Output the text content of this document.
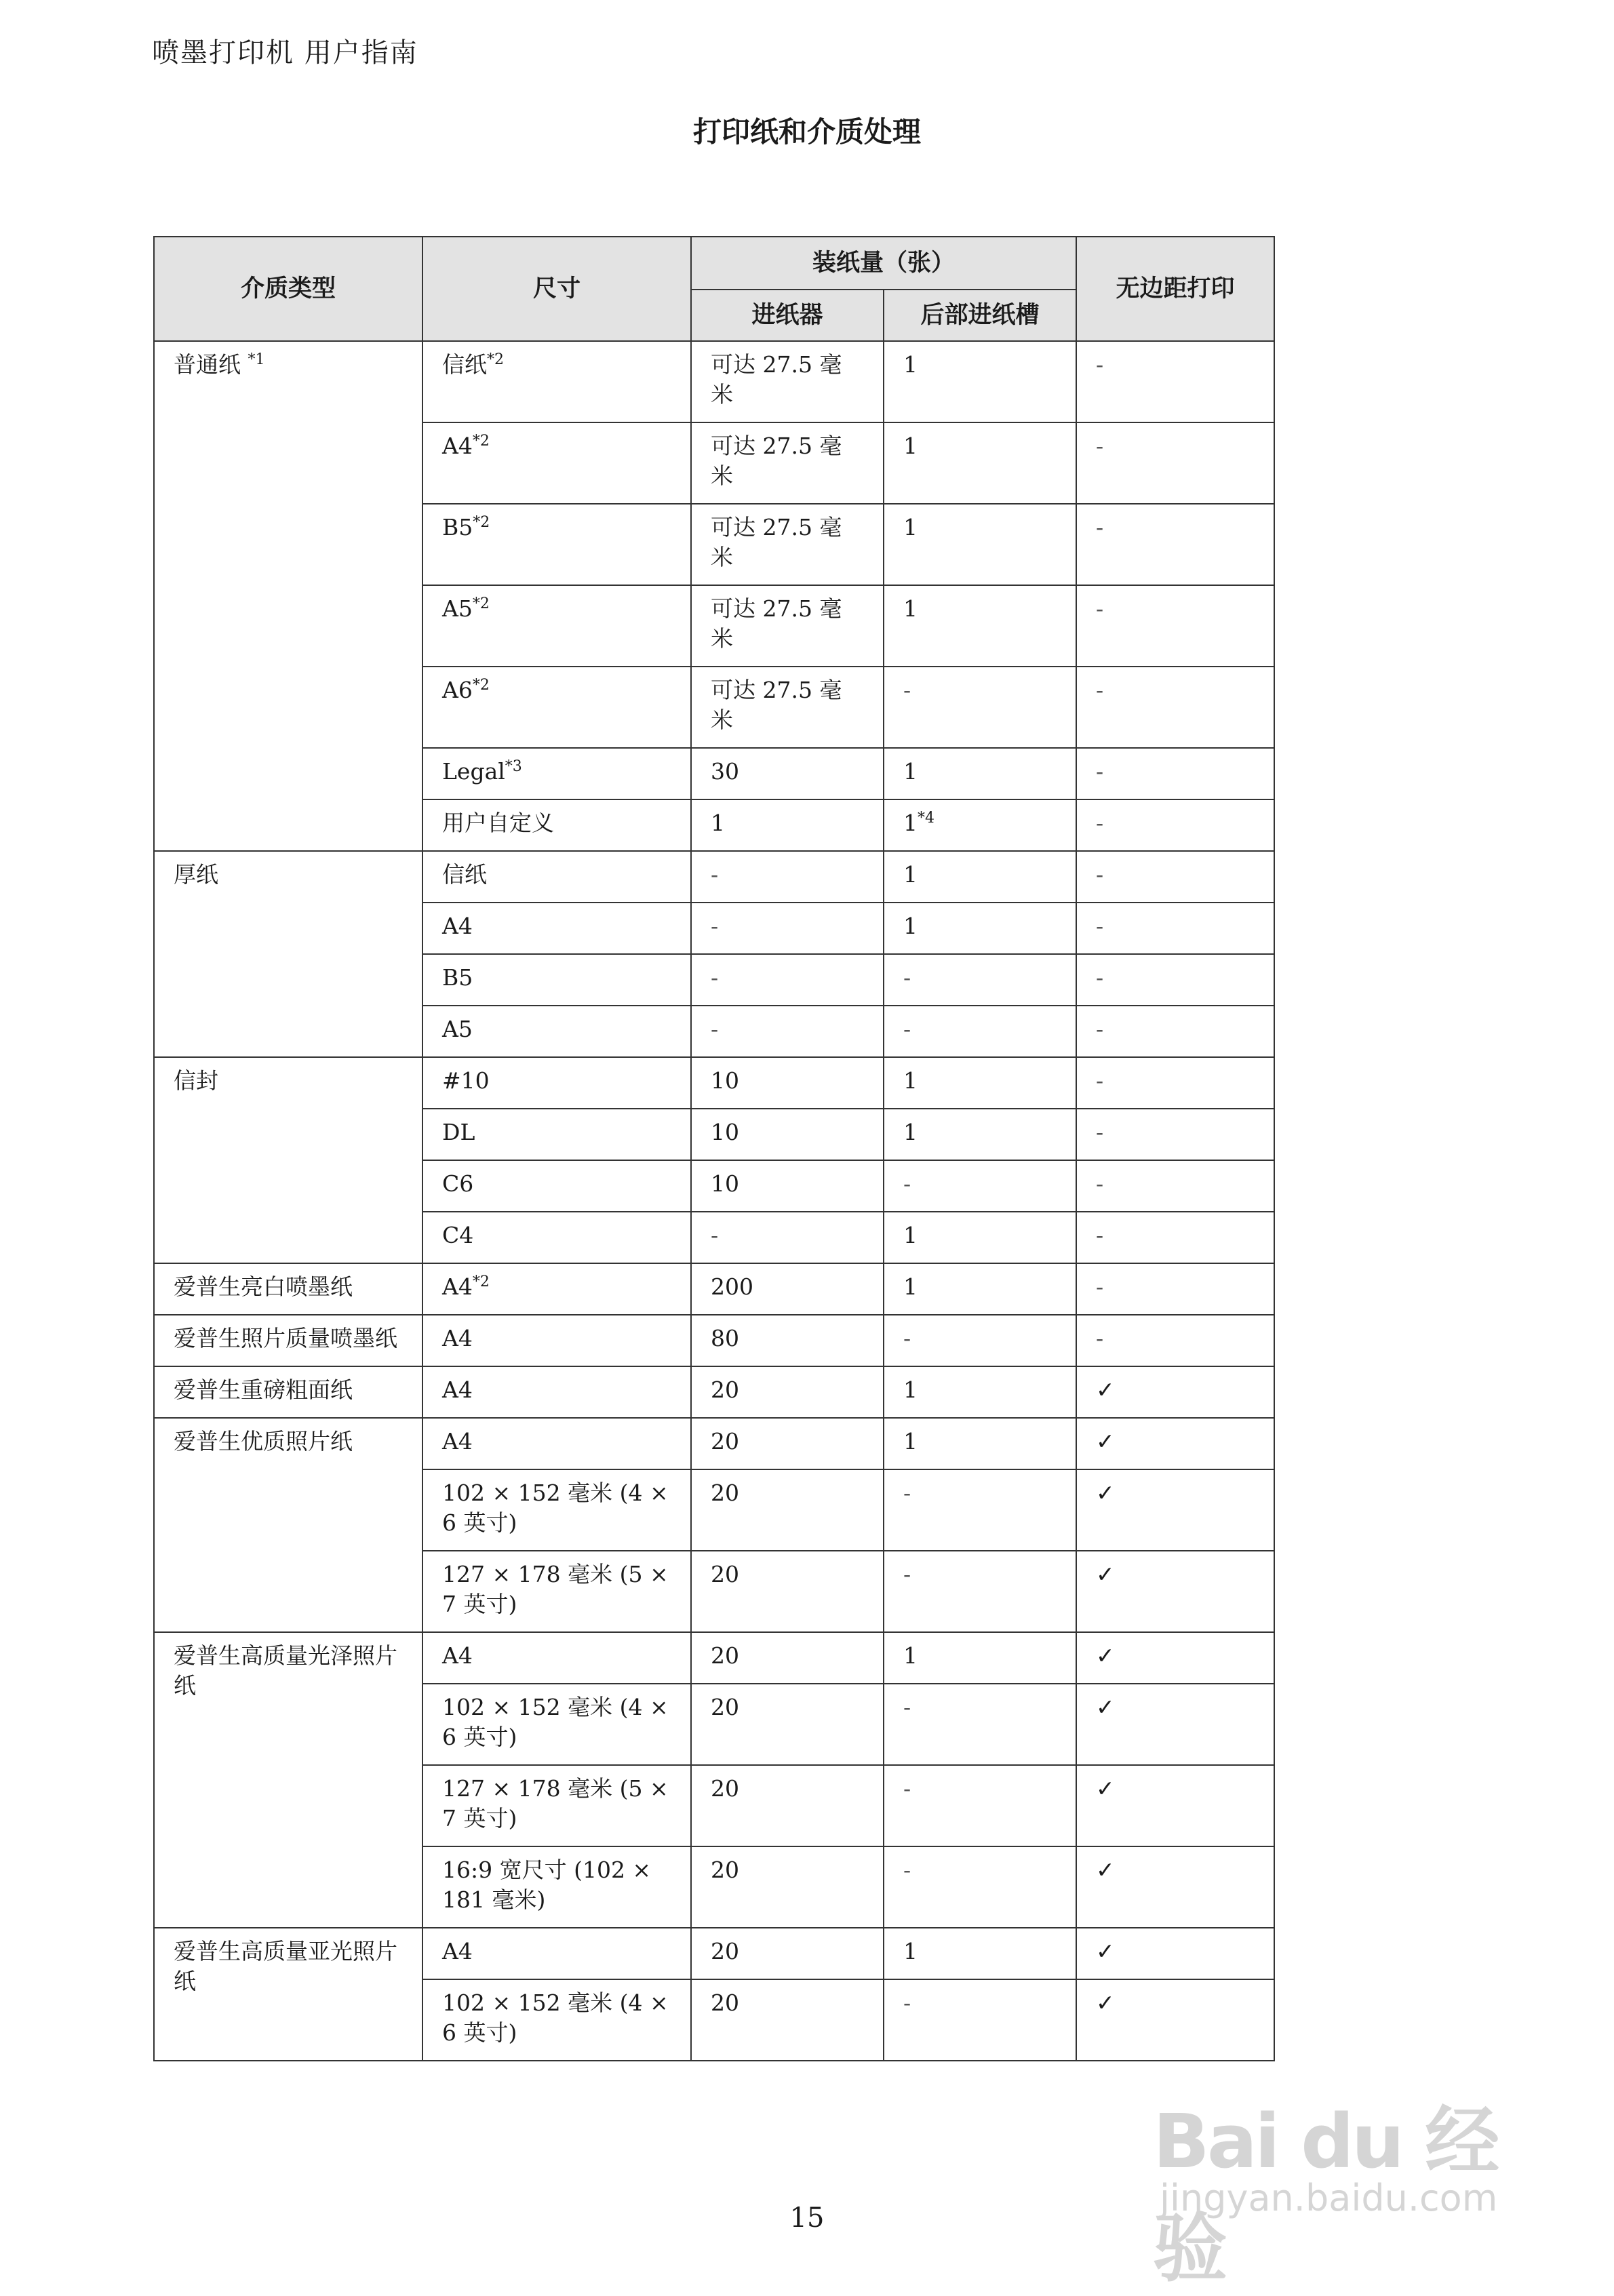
喷墨打印机 用户指南
打印纸和介质处理
介质类型	尺寸	装纸量（张）		无边距打印
		进纸器	后部进纸槽	
普通纸 $^{*1}$	信纸$^{*2}$	可达 27.5 毫米	1	-
	A4$^{*2}$	可达 27.5 毫米	1	-
	B5$^{*2}$	可达 27.5 毫米	1	-
	A5$^{*2}$	可达 27.5 毫米	1	-
	A6$^{*2}$	可达 27.5 毫米	-	-
	Legal$^{*3}$	30	1	-
	用户自定义	1	1$^{*4}$	-
厚纸	信纸	-	1	-
	A4	-	1	-
	B5	-	-	-
	A5	-	-	-
信封	#10	10	1	-
	DL	10	1	-
	C6	10	-	-
	C4	-	1	-
爱普生亮白喷墨纸	A4$^{*2}$	200	1	-
爱普生照片质量喷墨纸	A4	80	-	-
爱普生重磅粗面纸	A4	20	1	✓
爱普生优质照片纸	A4	20	1	✓
	102 × 152 毫米 (4 × 6 英寸)	20	-	✓
	127 × 178 毫米 (5 × 7 英寸)	20	-	✓
爱普生高质量光泽照片纸	A4	20	1	✓
	102 × 152 毫米 (4 × 6 英寸)	20	-	✓
	127 × 178 毫米 (5 × 7 英寸)	20	-	✓
	16:9 宽尺寸 (102 × 181 毫米)	20	-	✓
爱普生高质量亚光照片纸	A4	20	1	✓
	102 × 152 毫米 (4 × 6 英寸)	20	-	✓
15
Bai du 经验
jingyan.baidu.com
